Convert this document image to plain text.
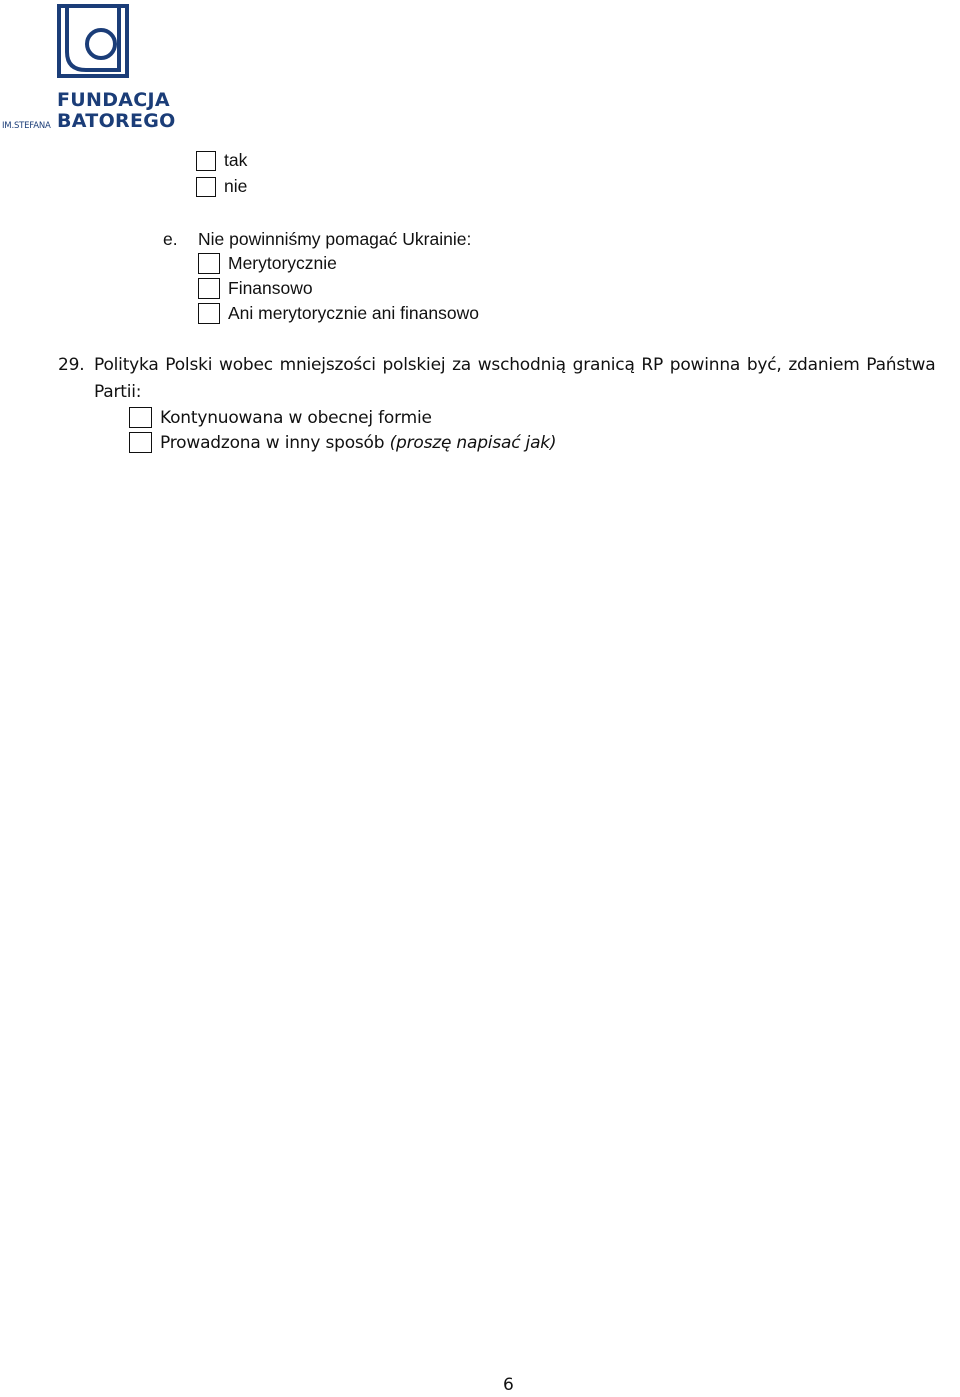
FUNDACJA
BATOREGO
IM.STEFANA
tak
nie
e. Nie powinniśmy pomagać Ukrainie:
Merytorycznie
Finansowo
Ani merytorycznie ani finansowo
29. Polityka Polski wobec mniejszości polskiej za wschodnią granicą RP powinna być, zdaniem Państwa
Partii:
Kontynuowana w obecnej formie
Prowadzona w inny sposób
(proszę napisać jak)
6
